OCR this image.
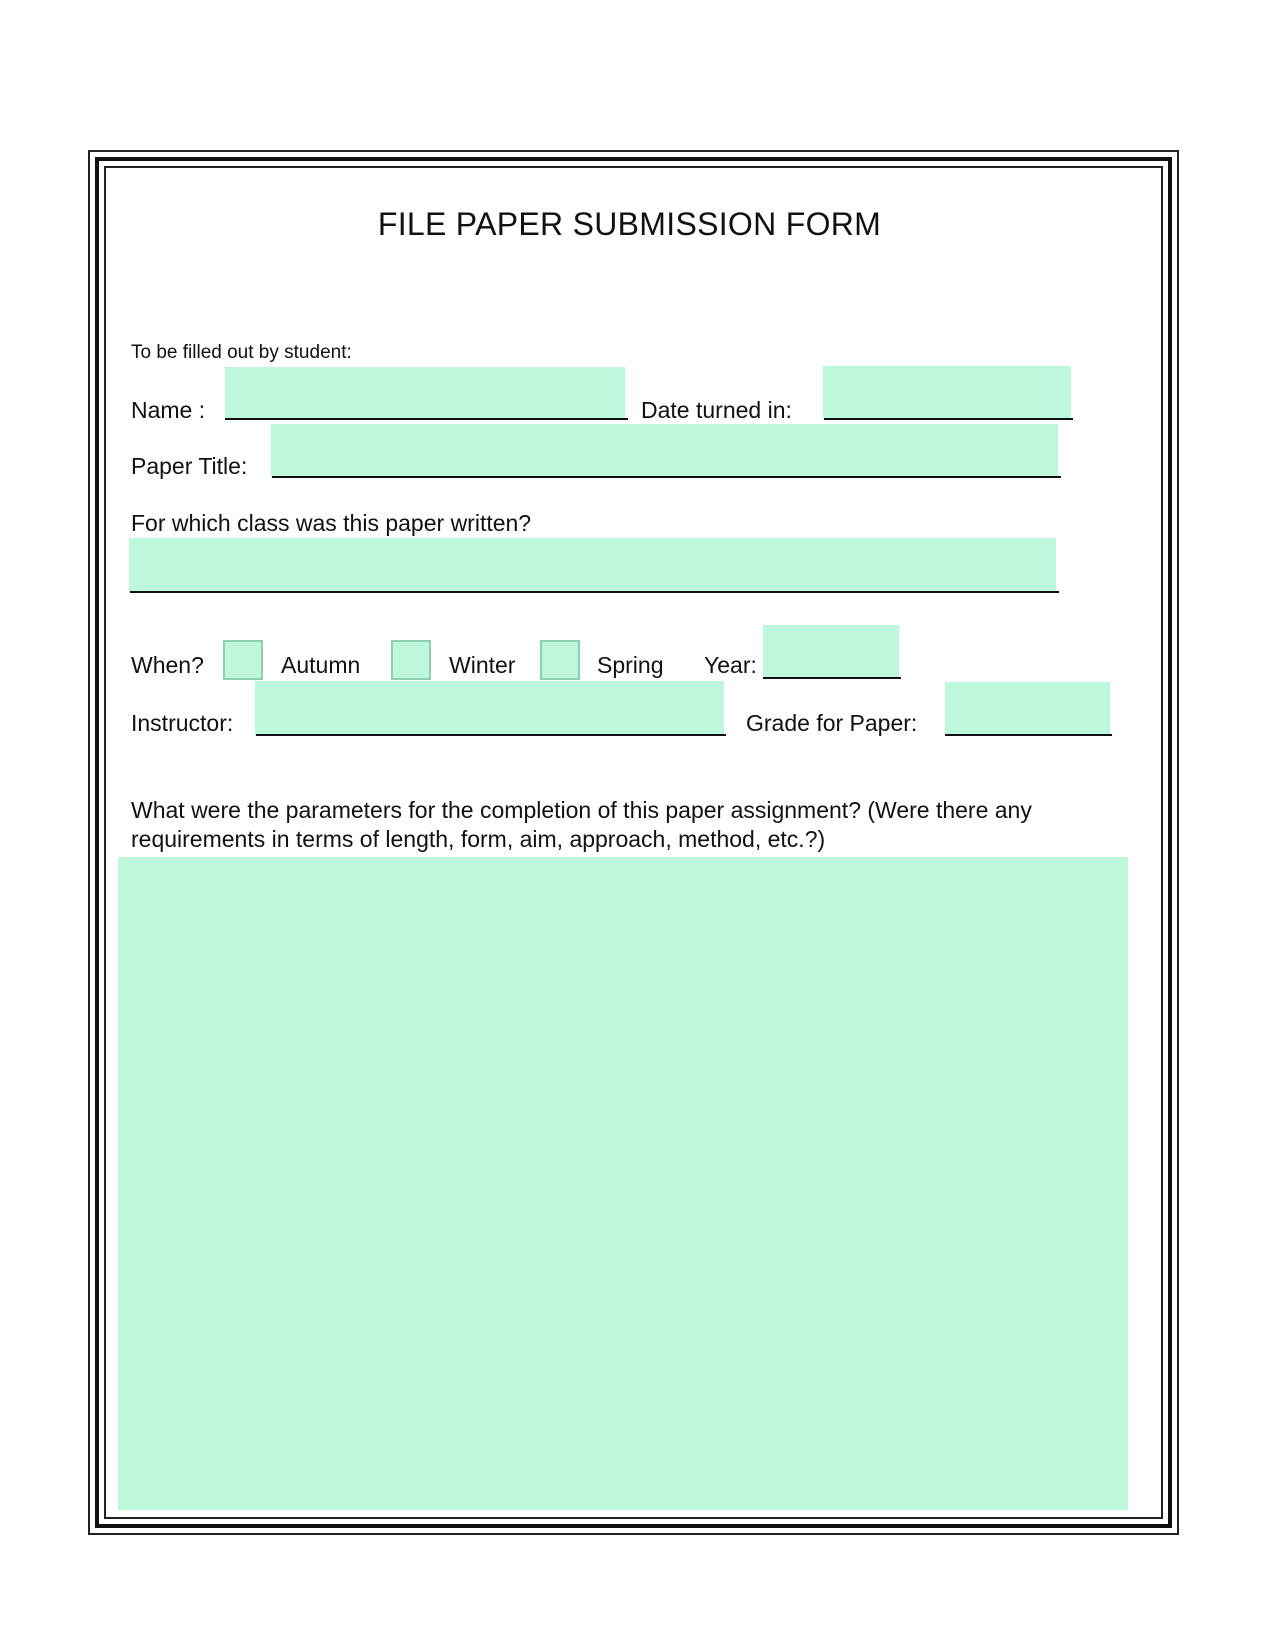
FILE PAPER SUBMISSION FORM
To be filled out by student:
Name :	Date turned in:
Paper Title:
For which class was this paper written?
When?	Autumn	Winter	Spring Year:
Instructor:	Grade for Paper:
What were the parameters for the completion of this paper assignment? (Were there any requirements in terms of length, form, aim, approach, method, etc.?)
